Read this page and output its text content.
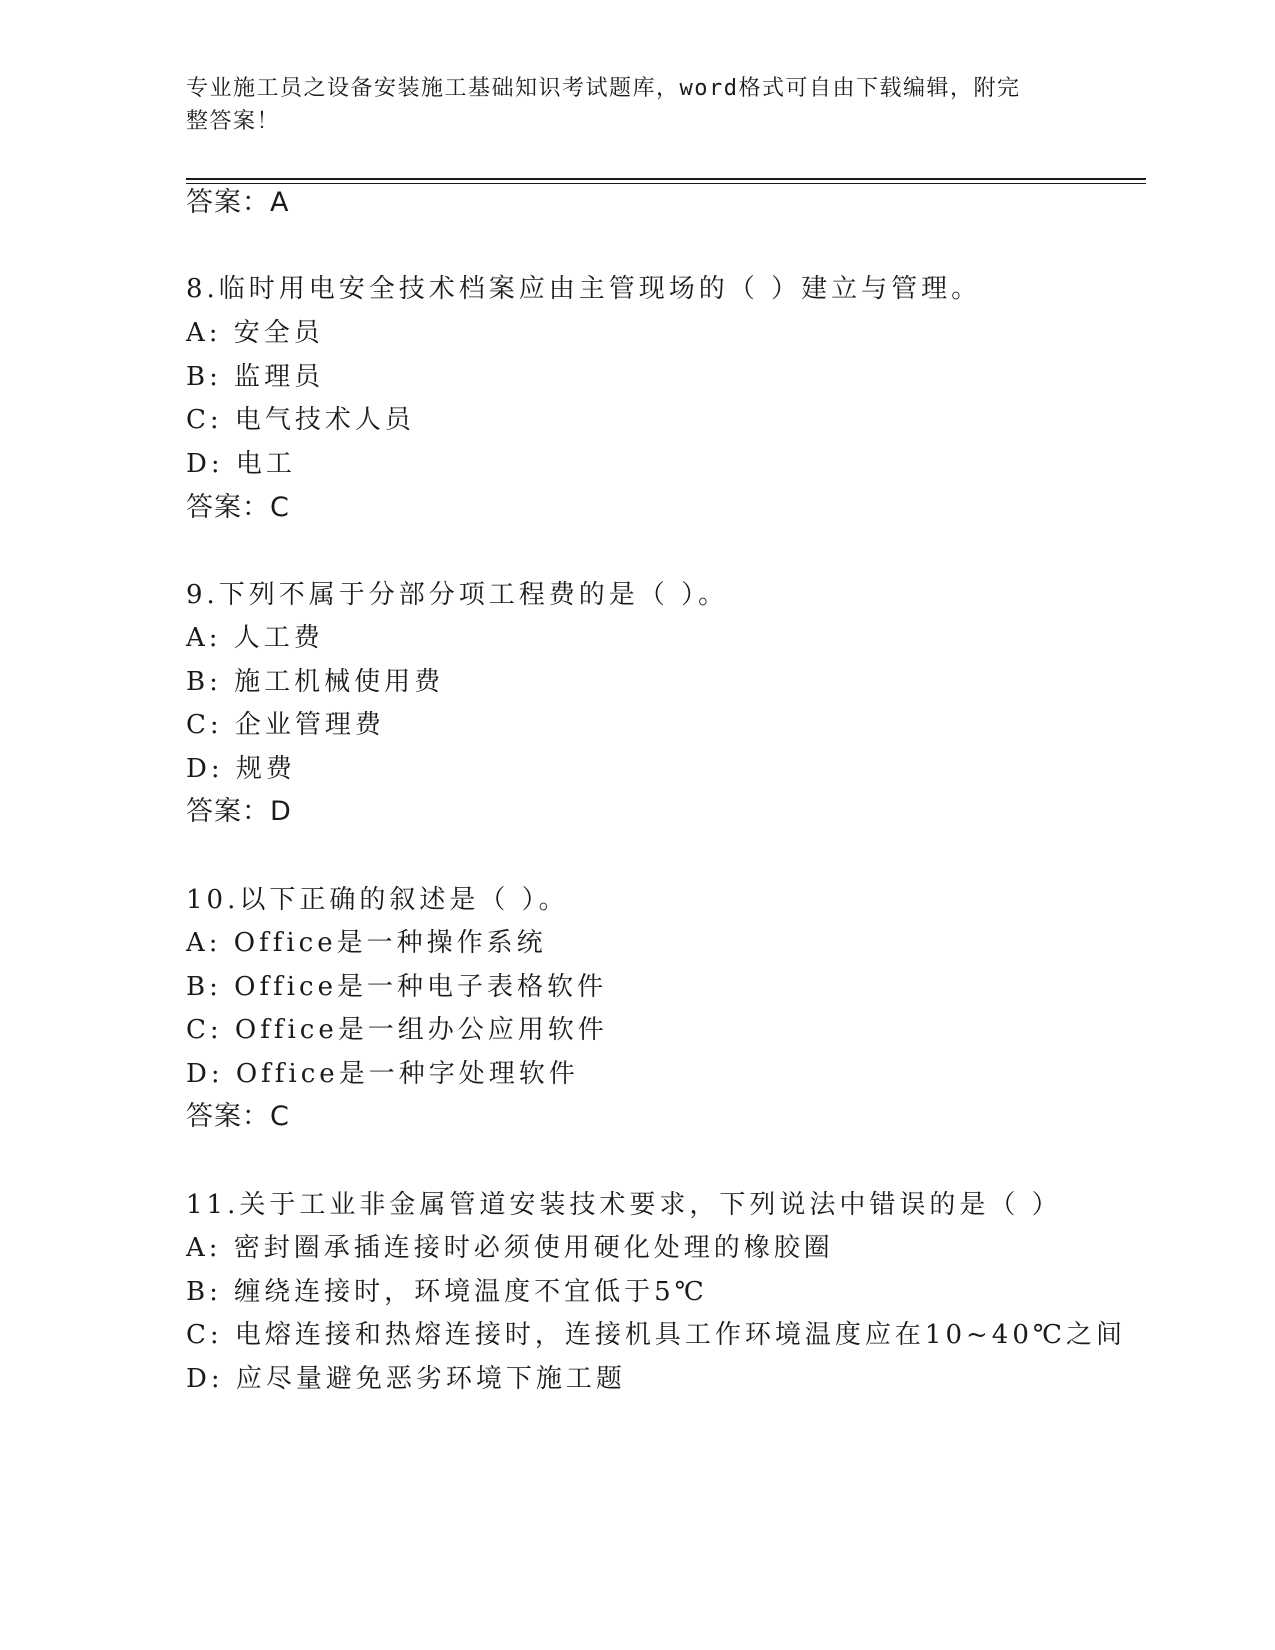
专业施工员之设备安装施工基础知识考试题库，word格式可自由下载编辑，附完
整答案！
答案：A
8.临时用电安全技术档案应由主管现场的（ ）建立与管理。
A: 安全员
B: 监理员
C: 电气技术人员
D: 电工
答案：C
9.下列不属于分部分项工程费的是（ ）。
A: 人工费
B: 施工机械使用费
C: 企业管理费
D: 规费
答案：D
10.以下正确的叙述是（ ）。
A: Office是一种操作系统
B: Office是一种电子表格软件
C: Office是一组办公应用软件
D: Office是一种字处理软件
答案：C
11.关于工业非金属管道安装技术要求，下列说法中错误的是（ ）
A: 密封圈承插连接时必须使用硬化处理的橡胶圈
B: 缠绕连接时，环境温度不宜低于5℃
C: 电熔连接和热熔连接时，连接机具工作环境温度应在10~40℃之间
D: 应尽量避免恶劣环境下施工题
